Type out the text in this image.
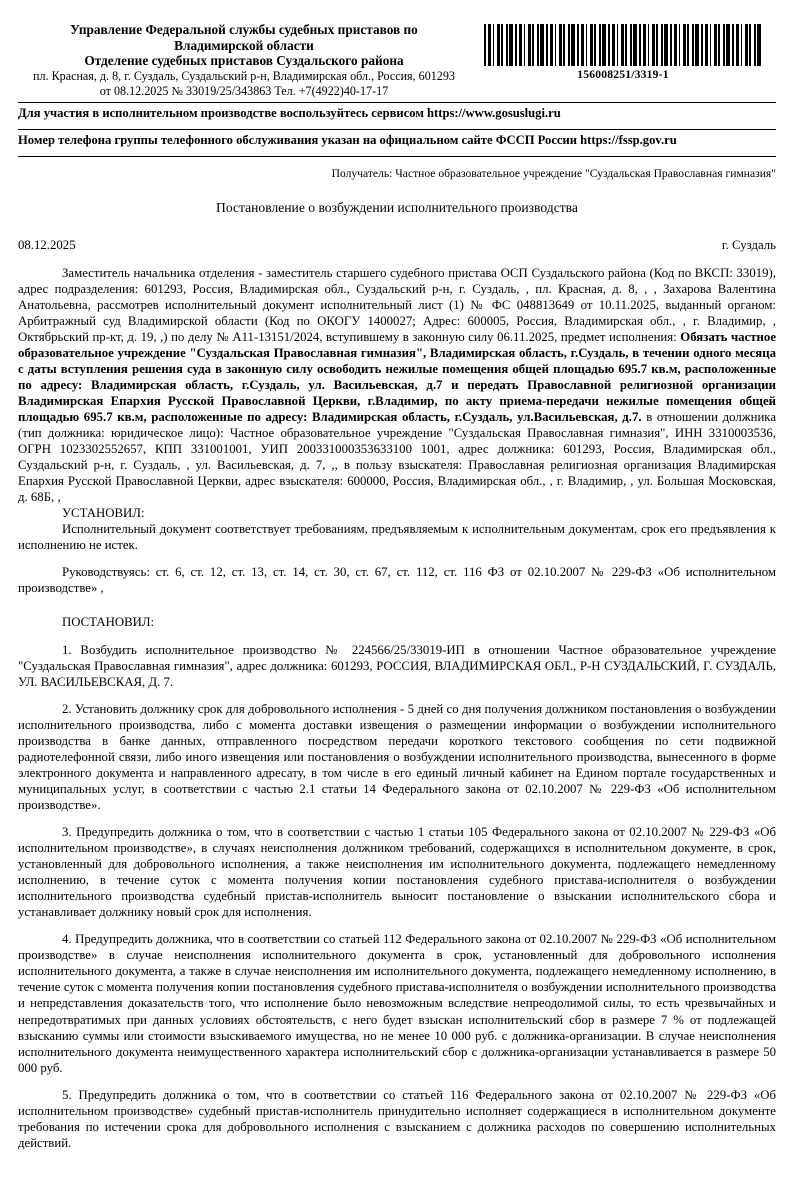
Управление Федеральной службы судебных приставов по
Владимирской области
Отделение судебных приставов Суздальского района
пл. Красная, д. 8, г. Суздаль, Суздальский р-н, Владимирская обл., Россия, 601293
от 08.12.2025 № 33019/25/343863 Тел. +7(4922)40-17-17
156008251/3319-1
Для участия в исполнительном производстве воспользуйтесь сервисом https://www.gosuslugi.ru
Номер телефона группы телефонного обслуживания указан на официальном сайте ФССП России https://fssp.gov.ru
Получатель: Частное образовательное учреждение "Суздальская Православная гимназия"
Постановление о возбуждении исполнительного производства
08.12.2025	г. Суздаль

Заместитель начальника отделения - заместитель старшего судебного пристава ОСП Суздальского района (Код по ВКСП: 33019), адрес подразделения: 601293, Россия, Владимирская обл., Суздальский р-н, г. Суздаль, , пл. Красная, д. 8, , , Захарова Валентина Анатольевна, рассмотрев исполнительный документ исполнительный лист (1) № ФС 048813649 от 10.11.2025, выданный органом: Арбитражный суд Владимирской области (Код по ОКОГУ 1400027; Адрес: 600005, Россия, Владимирская обл., , г. Владимир, , Октябрьский пр-кт, д. 19, ,) по делу № А11-13151/2024, вступившему в законную силу 06.11.2025, предмет исполнения: Обязать частное образовательное учреждение "Суздальская Православная гимназия", Владимирская область, г.Суздаль, в течении одного месяца с даты вступления решения суда в законную силу освободить нежилые помещения общей площадью 695.7 кв.м, расположенные по адресу: Владимирская область, г.Суздаль, ул. Васильевская, д.7 и передать Православной религиозной организации Владимирская Епархия Русской Православной Церкви, г.Владимир, по акту приема-передачи нежилые помещения общей площадью 695.7 кв.м, расположенные по адресу: Владимирская область, г.Суздаль, ул.Васильевская, д.7. в отношении должника (тип должника: юридическое лицо): Частное образовательное учреждение "Суздальская Православная гимназия", ИНН 3310003536, ОГРН 1023302552657, КПП 331001001, УИП 200331000353633100 1001, адрес должника: 601293, Россия, Владимирская обл., Суздальский р-н, г. Суздаль, , ул. Васильевская, д. 7, ,, в пользу взыскателя: Православная религиозная организация Владимирская Епархия Русской Православной Церкви, адрес взыскателя: 600000, Россия, Владимирская обл., , г. Владимир, , ул. Большая Московская, д. 68Б, ,

УСТАНОВИЛ:

Исполнительный документ соответствует требованиям, предъявляемым к исполнительным документам, срок его предъявления к исполнению не истек.

Руководствуясь: ст. 6, ст. 12, ст. 13, ст. 14, ст. 30, ст. 67, ст. 112, ст. 116 ФЗ от 02.10.2007 № 229-ФЗ «Об исполнительном производстве» ,

ПОСТАНОВИЛ:

1. Возбудить исполнительное производство № 224566/25/33019-ИП в отношении Частное образовательное учреждение "Суздальская Православная гимназия", адрес должника: 601293, РОССИЯ, ВЛАДИМИРСКАЯ ОБЛ., Р-Н СУЗДАЛЬСКИЙ, Г. СУЗДАЛЬ, УЛ. ВАСИЛЬЕВСКАЯ, Д. 7.

2. Установить должнику срок для добровольного исполнения - 5 дней со дня получения должником постановления о возбуждении исполнительного производства, либо с момента доставки извещения о размещении информации о возбуждении исполнительного производства в банке данных, отправленного посредством передачи короткого текстового сообщения по сети подвижной радиотелефонной связи, либо иного извещения или постановления о возбуждении исполнительного производства, вынесенного в форме электронного документа и направленного адресату, в том числе в его единый личный кабинет на Едином портале государственных и муниципальных услуг, в соответствии с частью 2.1 статьи 14 Федерального закона от 02.10.2007 № 229-ФЗ «Об исполнительном производстве».

3. Предупредить должника о том, что в соответствии с частью 1 статьи 105 Федерального закона от 02.10.2007 № 229-ФЗ «Об исполнительном производстве», в случаях неисполнения должником требований, содержащихся в исполнительном документе, в срок, установленный для добровольного исполнения, а также неисполнения им исполнительного документа, подлежащего немедленному исполнению, в течение суток с момента получения копии постановления судебного пристава-исполнителя о возбуждении исполнительного производства судебный пристав-исполнитель выносит постановление о взыскании исполнительского сбора и устанавливает должнику новый срок для исполнения.

4. Предупредить должника, что в соответствии со статьей 112 Федерального закона от 02.10.2007 № 229-ФЗ «Об исполнительном производстве» в случае неисполнения исполнительного документа в срок, установленный для добровольного исполнения исполнительного документа, а также в случае неисполнения им исполнительного документа, подлежащего немедленному исполнению, в течение суток с момента получения копии постановления судебного пристава-исполнителя о возбуждении исполнительного производства и непредставления доказательств того, что исполнение было невозможным вследствие непреодолимой силы, то есть чрезвычайных и непредотвратимых при данных условиях обстоятельств, с него будет взыскан исполнительский сбор в размере 7 % от подлежащей взысканию суммы или стоимости взыскиваемого имущества, но не менее 10 000 руб. с должника-организации. В случае неисполнения исполнительного документа неимущественного характера исполнительский сбор с должника-организации устанавливается в размере 50 000 руб.

5. Предупредить должника о том, что в соответствии со статьей 116 Федерального закона от 02.10.2007 № 229-ФЗ «Об исполнительном производстве» судебный пристав-исполнитель принудительно исполняет содержащиеся в исполнительном документе требования по истечении срока для добровольного исполнения с взысканием с должника расходов по совершению исполнительных действий.
